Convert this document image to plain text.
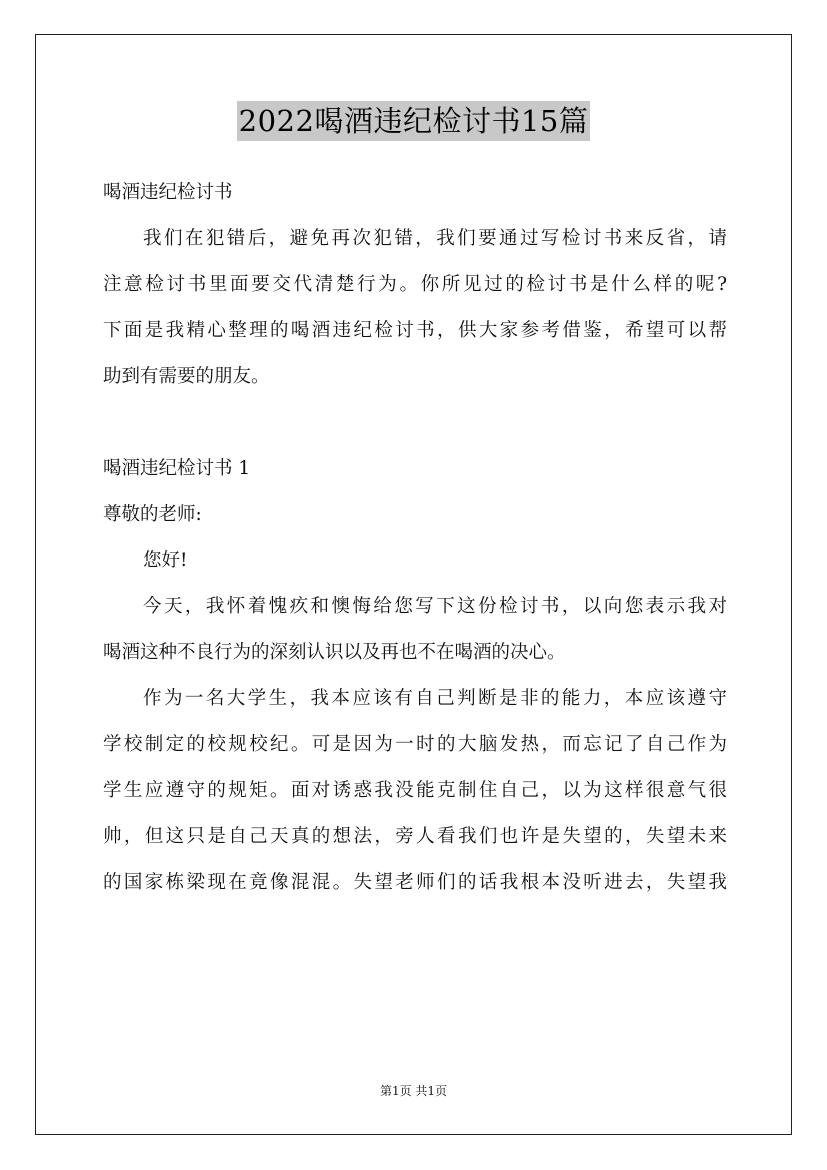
2022喝酒违纪检讨书15篇
喝酒违纪检讨书
我们在犯错后，避免再次犯错，我们要通过写检讨书来反省，请
注意检讨书里面要交代清楚行为。你所见过的检讨书是什么样的呢?
下面是我精心整理的喝酒违纪检讨书，供大家参考借鉴，希望可以帮
助到有需要的朋友。
喝酒违纪检讨书 1
尊敬的老师:
您好!
今天，我怀着愧疚和懊悔给您写下这份检讨书，以向您表示我对
喝酒这种不良行为的深刻认识以及再也不在喝酒的决心。
作为一名大学生，我本应该有自己判断是非的能力，本应该遵守
学校制定的校规校纪。可是因为一时的大脑发热，而忘记了自己作为
学生应遵守的规矩。面对诱惑我没能克制住自己，以为这样很意气很
帅，但这只是自己天真的想法，旁人看我们也许是失望的，失望未来
的国家栋梁现在竟像混混。失望老师们的话我根本没听进去，失望我
第1页 共1页
